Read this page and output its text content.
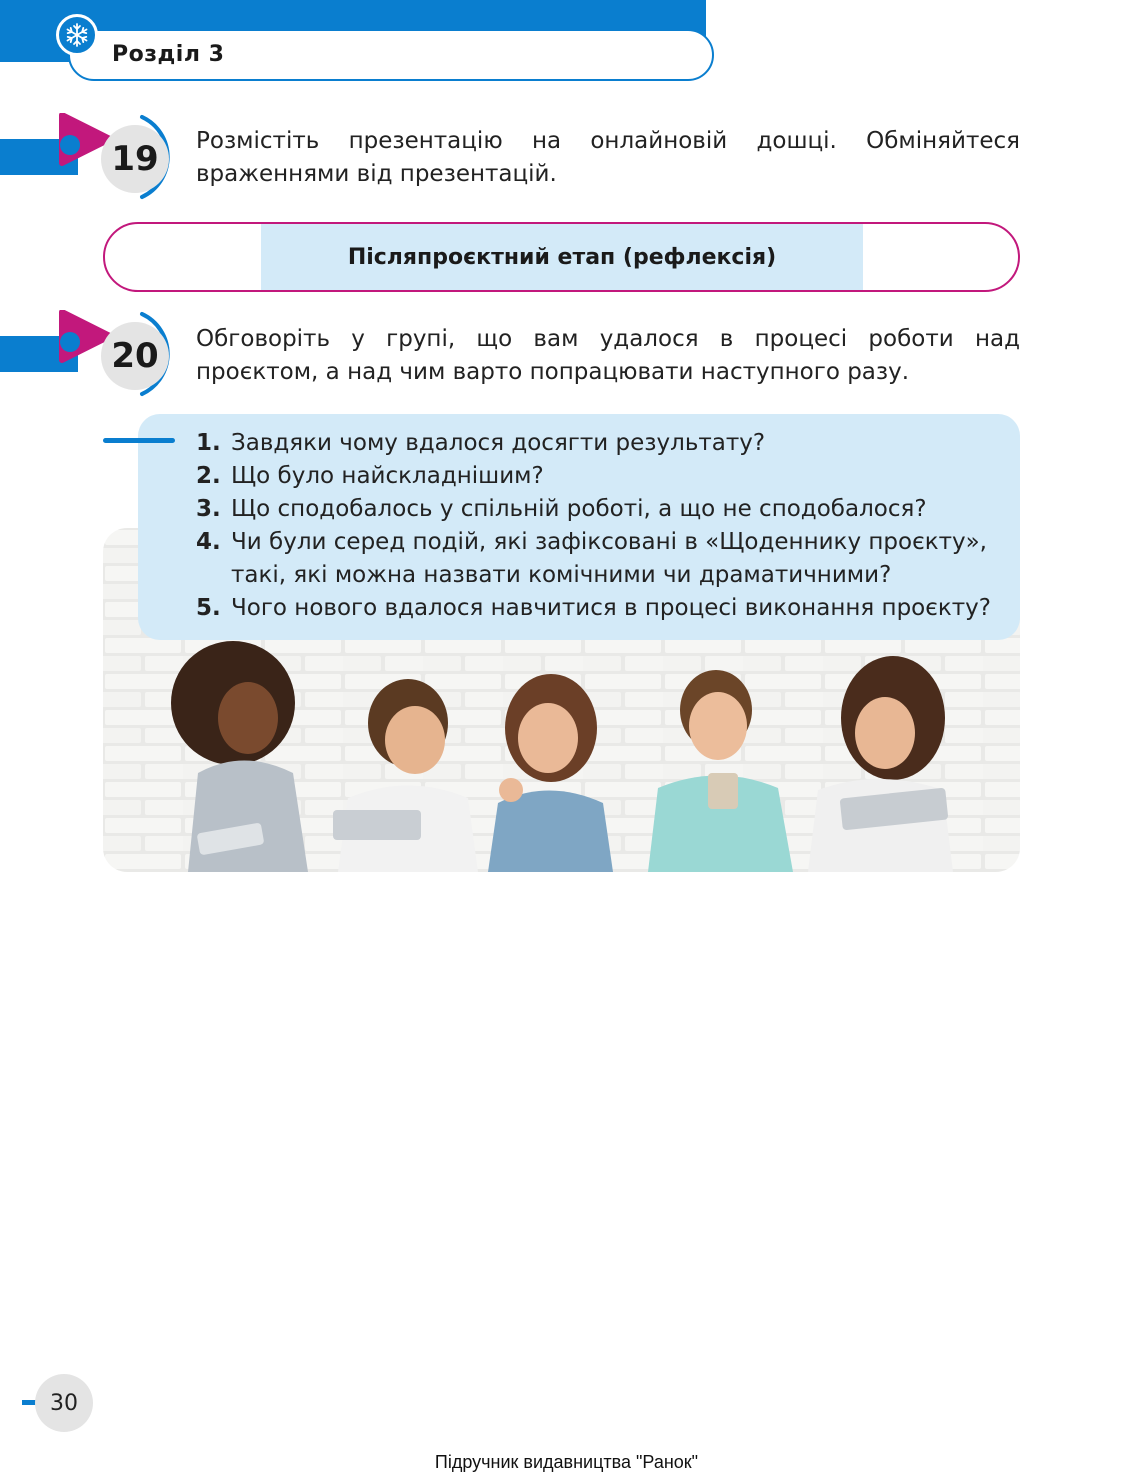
Розділ 3
19	Розмістіть презентацію на онлайновій дошці. Обміняйтеся враженнями від презентацій.
Післяпроєктний етап (рефлексія)
20	Обговоріть у групі, що вам удалося в процесі роботи над проєктом, а над чим варто попрацювати наступного разу.
1. Завдяки чому вдалося досягти результату?
2. Що було найскладнішим?
3. Що сподобалось у спільній роботі, а що не сподобалося?
4. Чи були серед подій, які зафіксовані в «Щоденнику проєкту», такі, які можна назвати комічними чи драматичними?
5. Чого нового вдалося навчитися в процесі виконання проєкту?
30
Підручник видавництва "Ранок"
